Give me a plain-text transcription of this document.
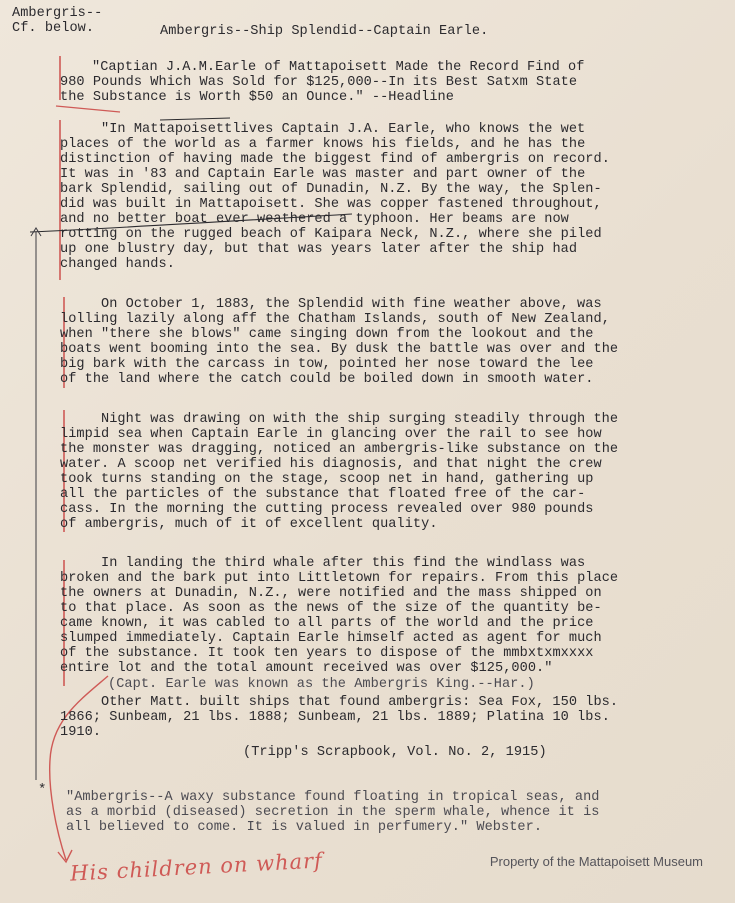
Ambergris--
Cf. below.	Ambergris--Ship Splendid--Captain Earle.
"Captian J.A.M.Earle of Mattapoisett Made the Record Find of
980 Pounds Which Was Sold for $125,000--In its Best Satxm State
the Substance is Worth $50 an Ounce." --Headline
"In Mattapoisettlives Captain J.A. Earle, who knows the wet
places of the world as a farmer knows his fields, and he has the
distinction of having made the biggest find of ambergris on record.
It was in '83 and Captain Earle was master and part owner of the
bark Splendid, sailing out of Dunadin, N.Z. By the way, the Splen-
did was built in Mattapoisett. She was copper fastened throughout,
and no better boat ever weathered a typhoon. Her beams are now
rotting on the rugged beach of Kaipara Neck, N.Z., where she piled
up one blustry day, but that was years later after the ship had
changed hands.
On October 1, 1883, the Splendid with fine weather above, was
lolling lazily along aff the Chatham Islands, south of New Zealand,
when "there she blows" came singing down from the lookout and the
boats went booming into the sea. By dusk the battle was over and the
big bark with the carcass in tow, pointed her nose toward the lee
of the land where the catch could be boiled down in smooth water.
Night was drawing on with the ship surging steadily through the
limpid sea when Captain Earle in glancing over the rail to see how
the monster was dragging, noticed an ambergris-like substance on the
water. A scoop net verified his diagnosis, and that night the crew
took turns standing on the stage, scoop net in hand, gathering up
all the particles of the substance that floated free of the car-
cass. In the morning the cutting process revealed over 980 pounds
of ambergris, much of it of excellent quality.
In landing the third whale after this find the windlass was
broken and the bark put into Littletown for repairs. From this place
the owners at Dunadin, N.Z., were notified and the mass shipped on
to that place. As soon as the news of the size of the quantity be-
came known, it was cabled to all parts of the world and the price
slumped immediately. Captain Earle himself acted as agent for much
of the substance. It took ten years to dispose of the mmbxtxmxxxx
entire lot and the total amount received was over $125,000."
(Capt. Earle was known as the Ambergris King.--Har.)
Other Matt. built ships that found ambergris: Sea Fox, 150 lbs.
1866; Sunbeam, 21 lbs. 1888; Sunbeam, 21 lbs. 1889; Platina 10 lbs.
1910.
(Tripp's Scrapbook, Vol. No. 2, 1915)
* "Ambergris--A waxy substance found floating in tropical seas, and
as a morbid (diseased) secretion in the sperm whale, whence it is
all believed to come. It is valued in perfumery." Webster.
His children on wharf	Property of the Mattapoisett Museum
